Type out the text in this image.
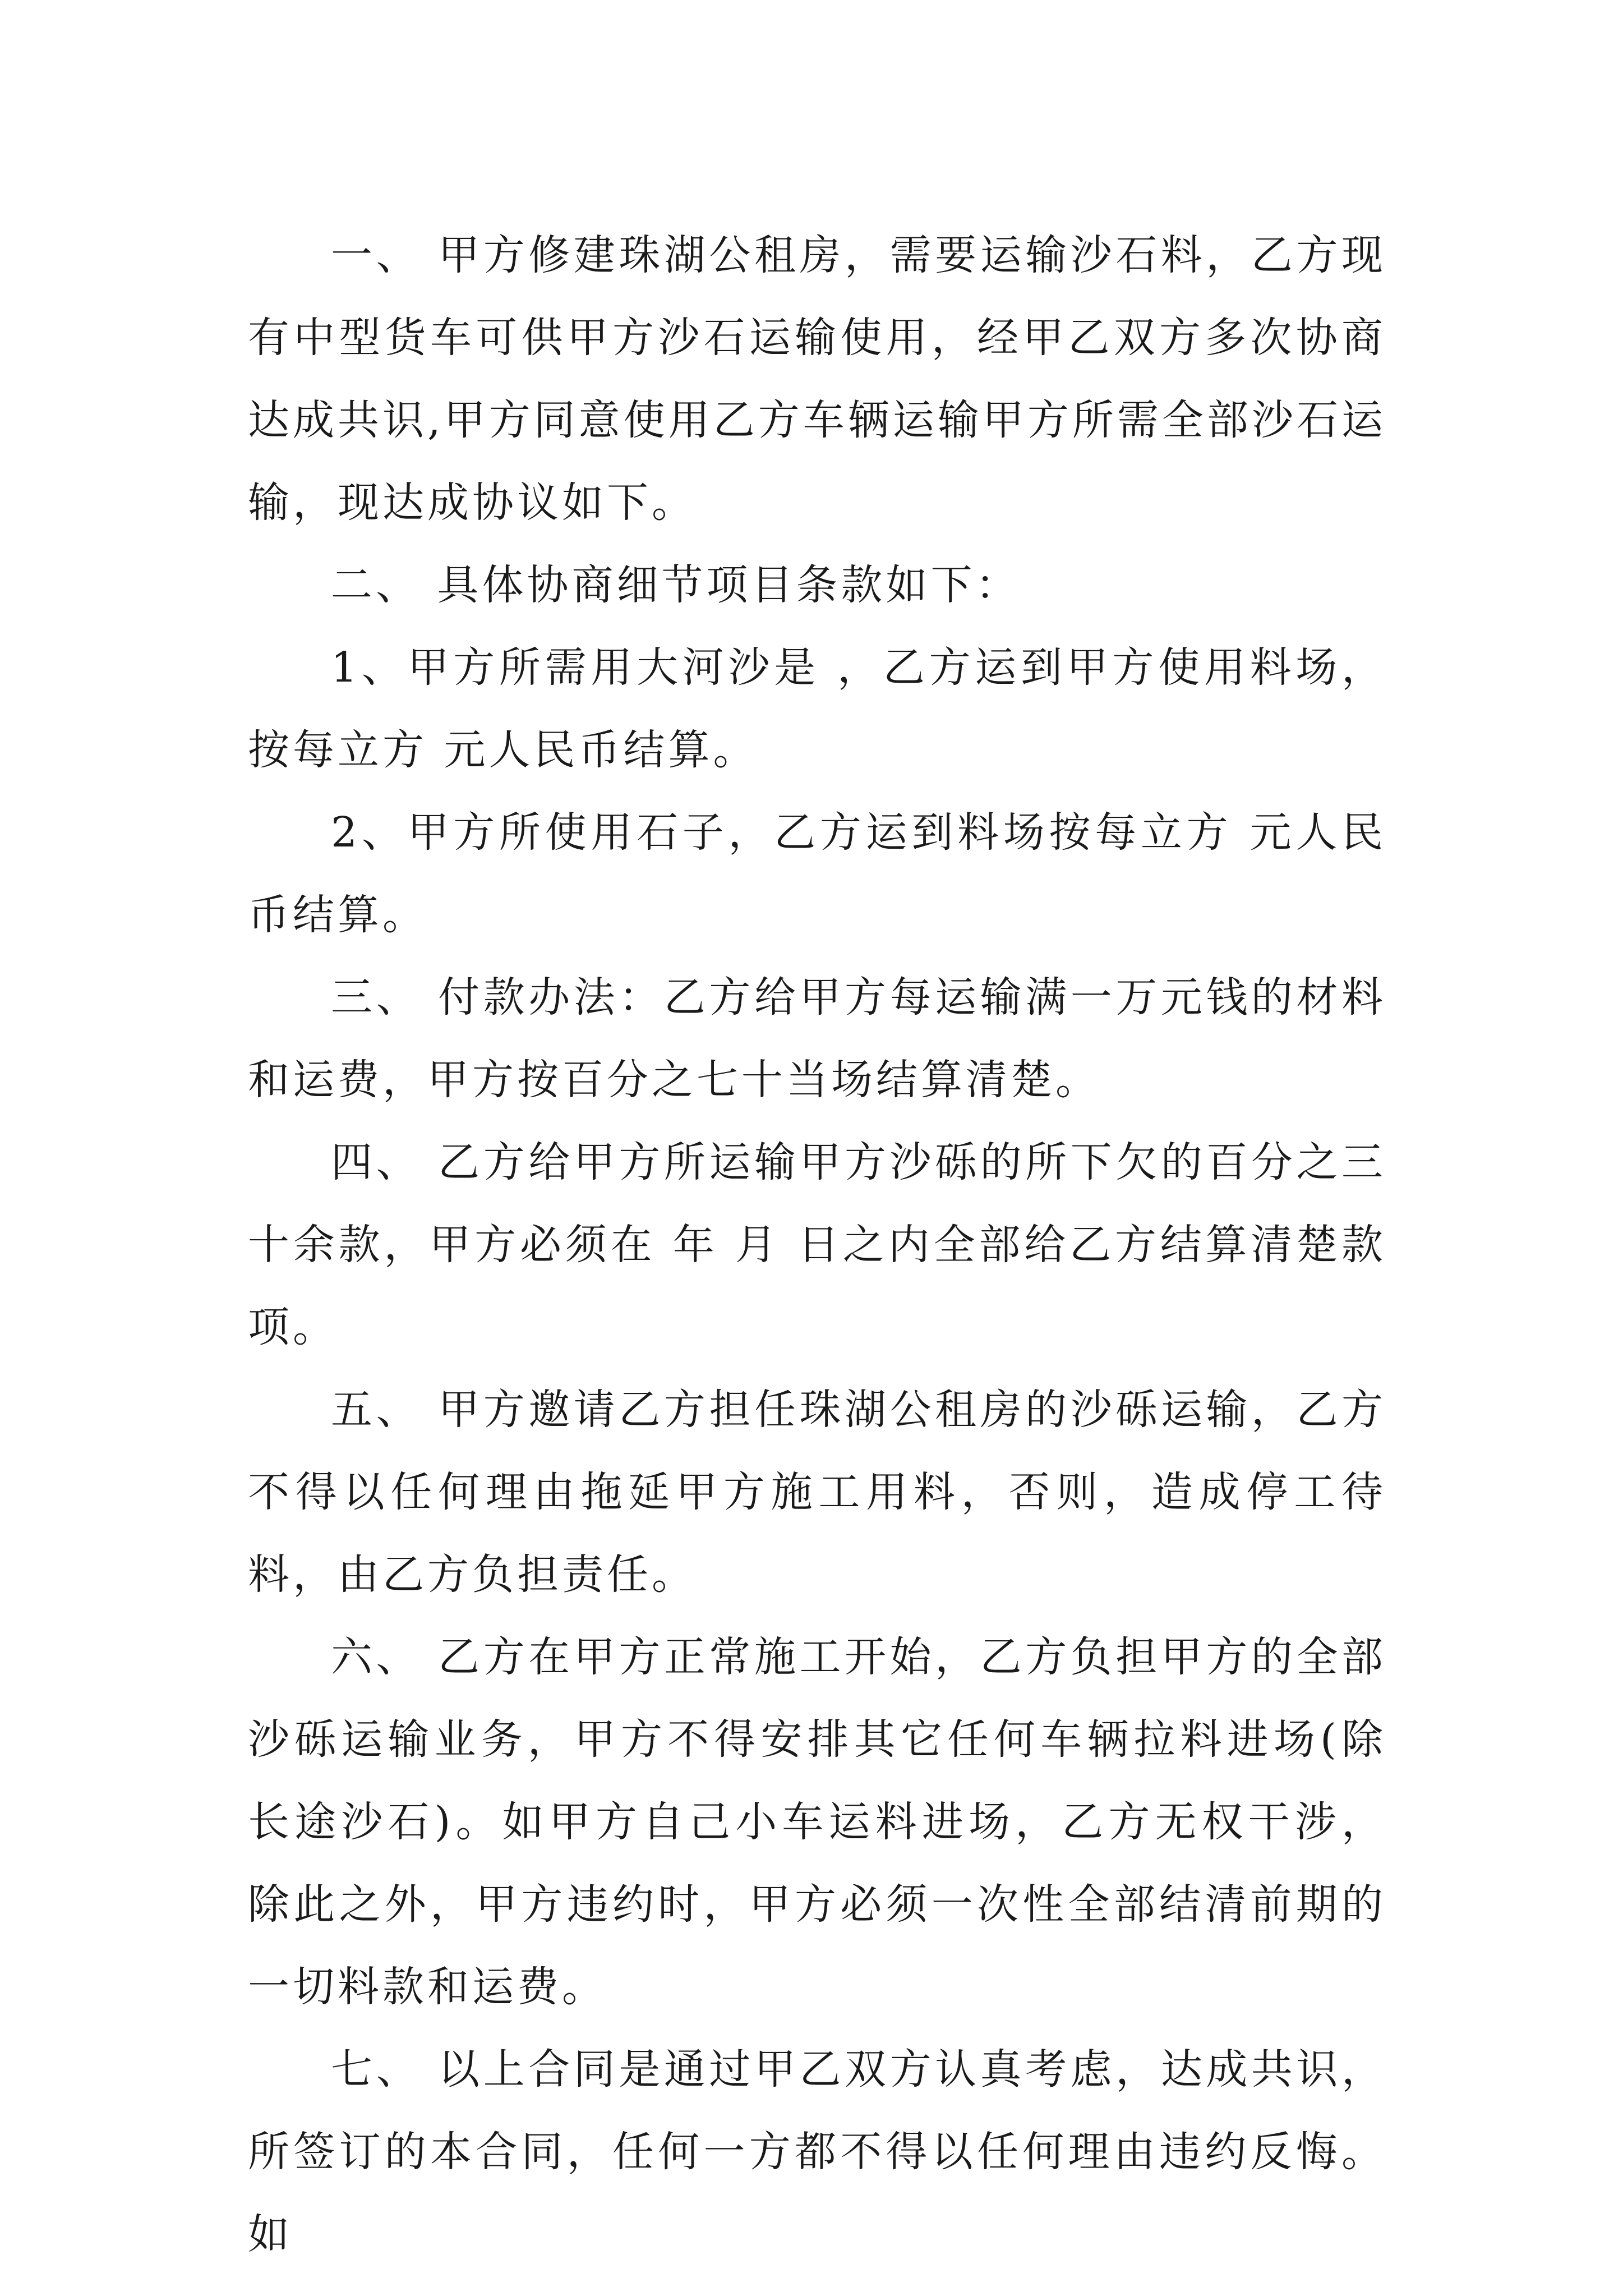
一、 甲方修建珠湖公租房，需要运输沙石料，乙方现有中型货车可供甲方沙石运输使用，经甲乙双方多次协商达成共识,甲方同意使用乙方车辆运输甲方所需全部沙石运输，现达成协议如下。

二、 具体协商细节项目条款如下：

1、甲方所需用大河沙是 ，乙方运到甲方使用料场，按每立方 元人民币结算。

2、甲方所使用石子，乙方运到料场按每立方 元人民币结算。

三、 付款办法：乙方给甲方每运输满一万元钱的材料和运费，甲方按百分之七十当场结算清楚。

四、 乙方给甲方所运输甲方沙砾的所下欠的百分之三十余款，甲方必须在 年 月 日之内全部给乙方结算清楚款项。

五、 甲方邀请乙方担任珠湖公租房的沙砾运输，乙方不得以任何理由拖延甲方施工用料，否则，造成停工待料，由乙方负担责任。

六、 乙方在甲方正常施工开始，乙方负担甲方的全部沙砾运输业务，甲方不得安排其它任何车辆拉料进场(除长途沙石)。如甲方自己小车运料进场，乙方无权干涉，除此之外，甲方违约时，甲方必须一次性全部结清前期的一切料款和运费。

七、 以上合同是通过甲乙双方认真考虑，达成共识，所签订的本合同，任何一方都不得以任何理由违约反悔。如
